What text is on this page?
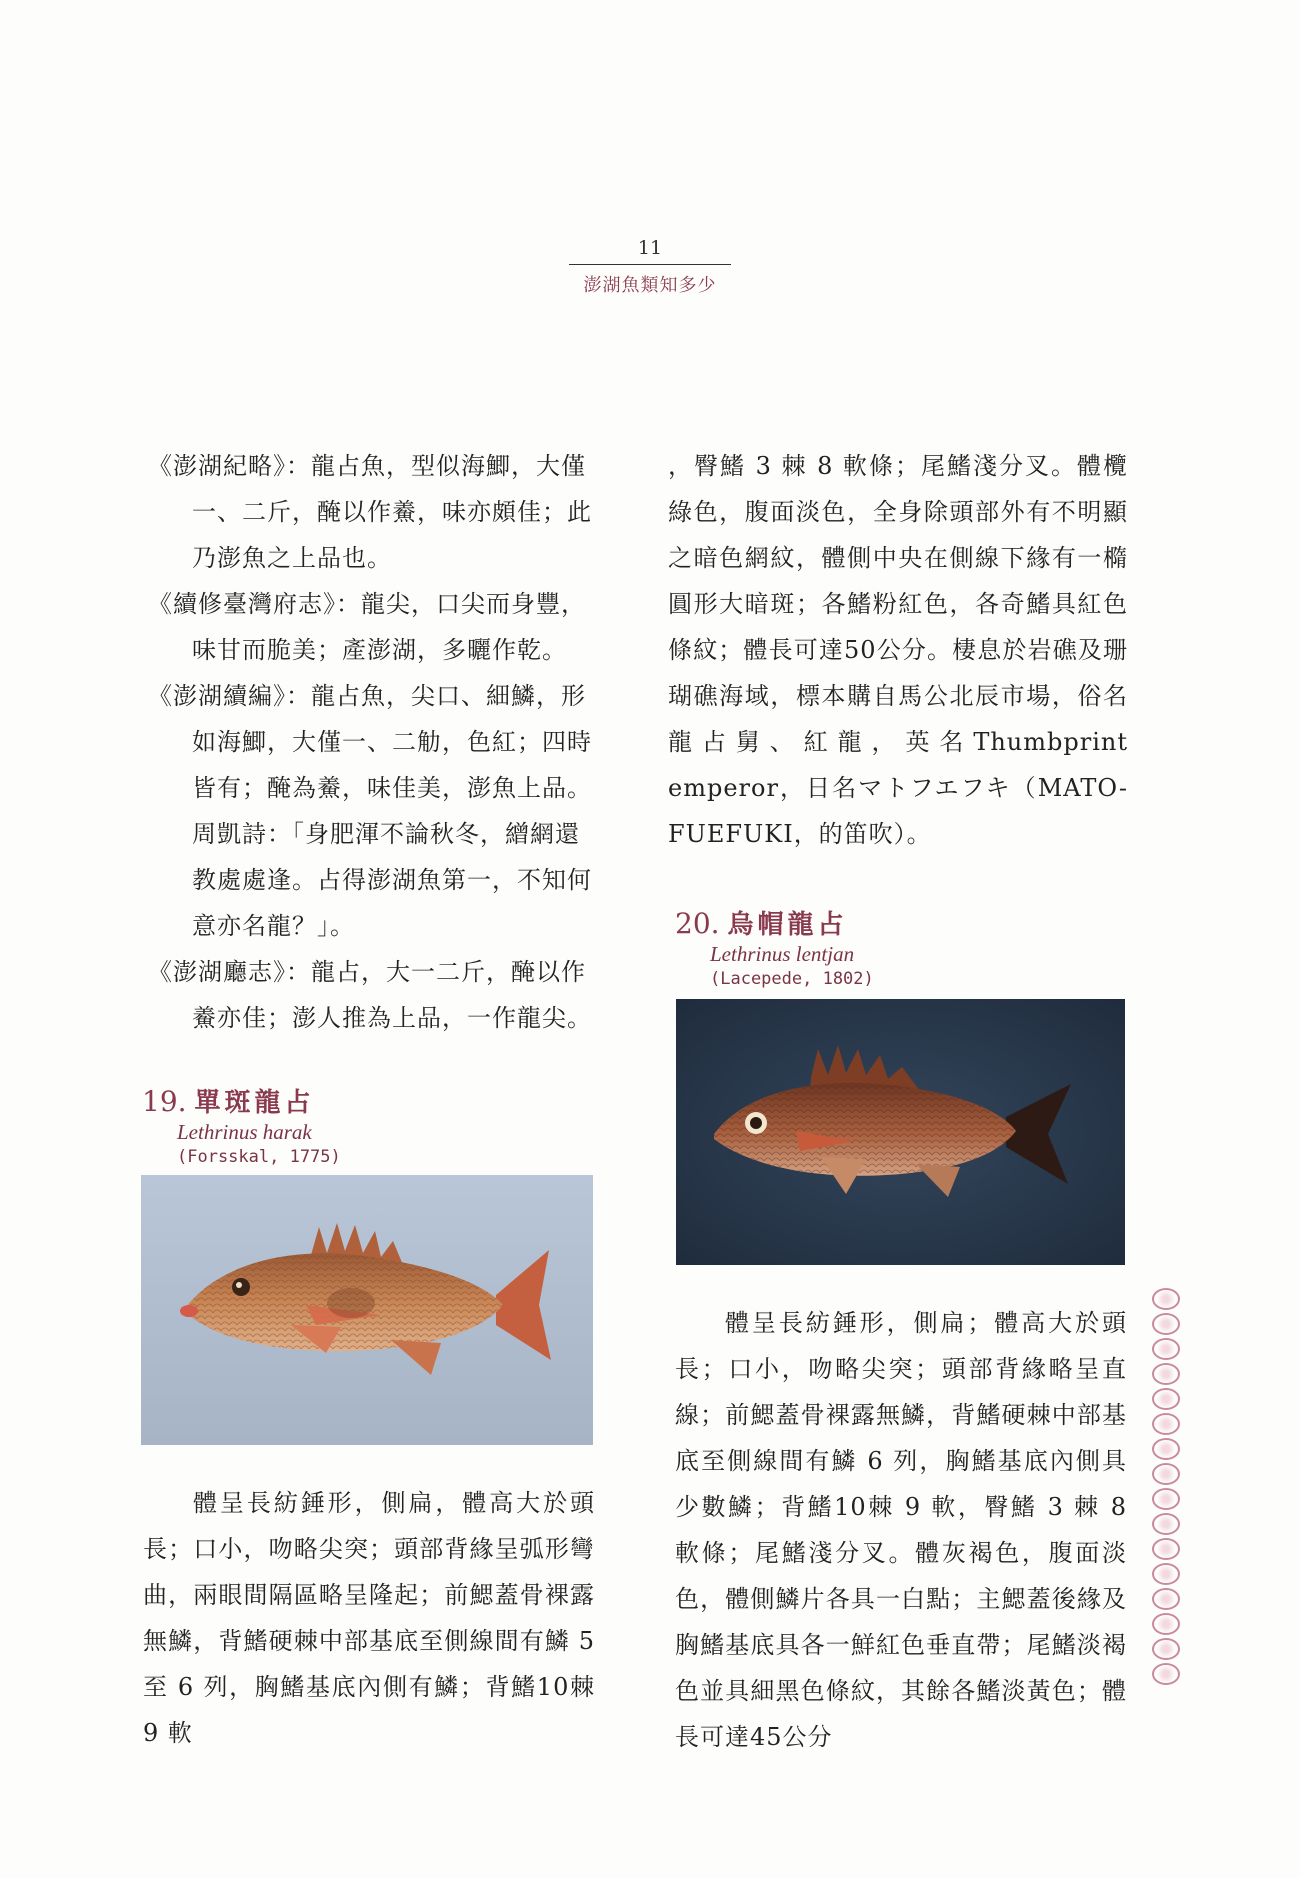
11
澎湖魚類知多少

《澎湖紀略》：龍占魚，型似海鯽，大僅一、二斤，醃以作鯗，味亦頗佳；此乃澎魚之上品也。

《續修臺灣府志》：龍尖，口尖而身豐，味甘而脆美；產澎湖，多曬作乾。

《澎湖續編》：龍占魚，尖口、細鱗，形如海鯽，大僅一、二觔，色紅；四時皆有；醃為鯗，味佳美，澎魚上品。周凱詩：「身肥渾不論秋冬，繒網還教處處逢。占得澎湖魚第一，不知何意亦名龍？」。

《澎湖廳志》：龍占，大一二斤，醃以作鯗亦佳；澎人推為上品，一作龍尖。

19. 單斑龍占
Lethrinus harak
(Forsskal, 1775)

體呈長紡錘形，側扁，體高大於頭長；口小，吻略尖突；頭部背緣呈弧形彎曲，兩眼間隔區略呈隆起；前鰓蓋骨裸露無鱗，背鰭硬棘中部基底至側線間有鱗 5 至 6 列，胸鰭基底內側有鱗；背鰭10棘 9 軟

，臀鰭 3 棘 8 軟條；尾鰭淺分叉。體欖綠色，腹面淡色，全身除頭部外有不明顯之暗色網紋，體側中央在側線下緣有一橢圓形大暗斑；各鰭粉紅色，各奇鰭具紅色條紋；體長可達50公分。棲息於岩礁及珊瑚礁海域，標本購自馬公北辰市場，俗名龍占舅、紅龍，英名Thumbprint emperor，日名マトフエフキ（MATO-FUEFUKI，的笛吹）。

20. 烏帽龍占
Lethrinus lentjan
(Lacepede, 1802)

體呈長紡錘形，側扁；體高大於頭長；口小，吻略尖突；頭部背緣略呈直線；前鰓蓋骨裸露無鱗，背鰭硬棘中部基底至側線間有鱗 6 列，胸鰭基底內側具少數鱗；背鰭10棘 9 軟，臀鰭 3 棘 8 軟條；尾鰭淺分叉。體灰褐色，腹面淡色，體側鱗片各具一白點；主鰓蓋後緣及胸鰭基底具各一鮮紅色垂直帶；尾鰭淡褐色並具細黑色條紋，其餘各鰭淡黃色；體長可達45公分
